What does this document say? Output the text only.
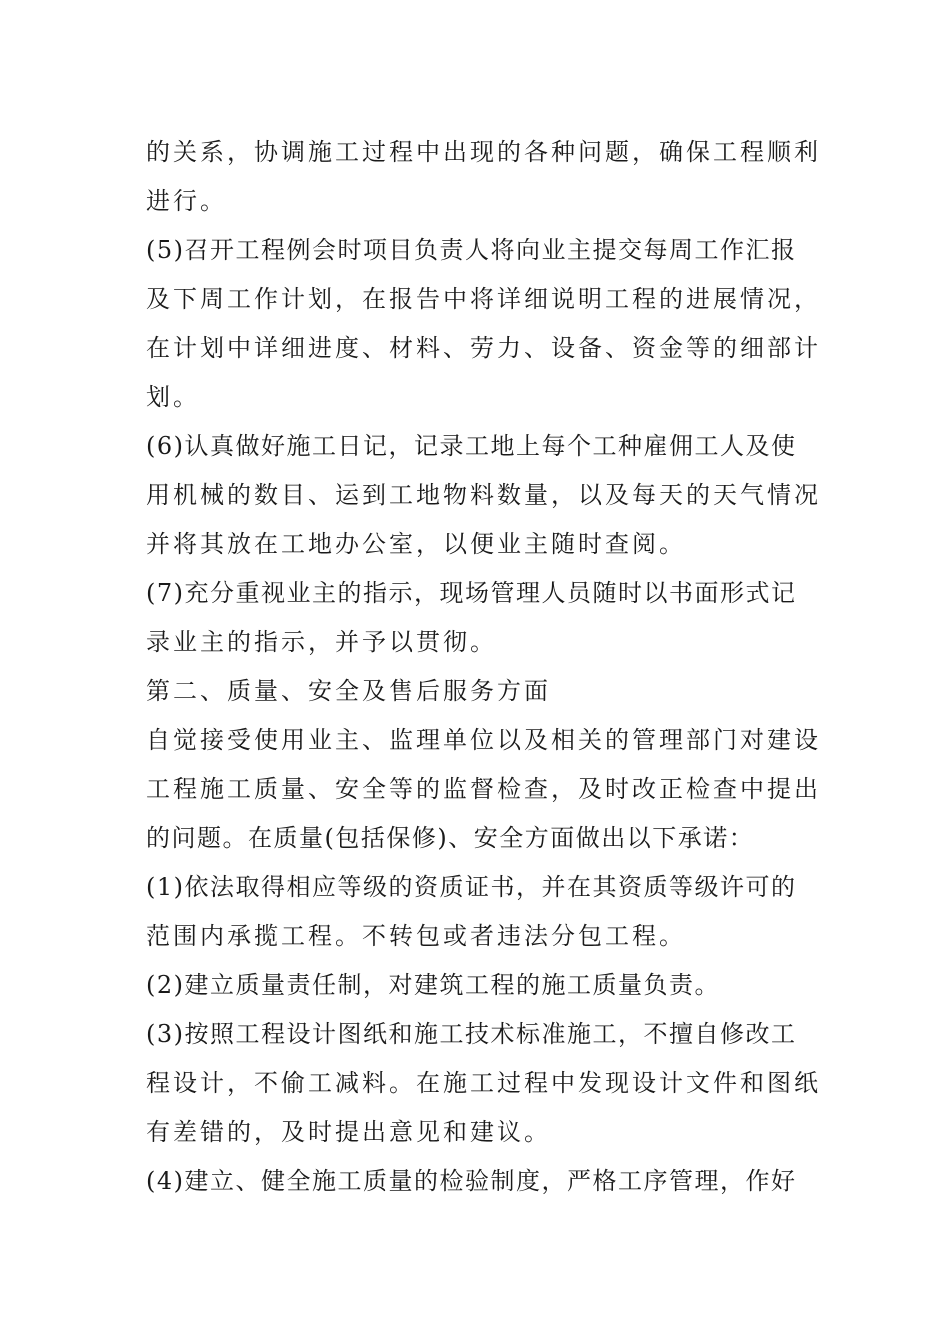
的关系，协调施工过程中出现的各种问题，确保工程顺利
进行。
(5)召开工程例会时项目负责人将向业主提交每周工作汇报
及下周工作计划，在报告中将详细说明工程的进展情况，
在计划中详细进度、材料、劳力、设备、资金等的细部计
划。
(6)认真做好施工日记，记录工地上每个工种雇佣工人及使
用机械的数目、运到工地物料数量，以及每天的天气情况
并将其放在工地办公室，以便业主随时查阅。
(7)充分重视业主的指示，现场管理人员随时以书面形式记
录业主的指示，并予以贯彻。
第二、质量、安全及售后服务方面
自觉接受使用业主、监理单位以及相关的管理部门对建设
工程施工质量、安全等的监督检查，及时改正检查中提出
的问题。在质量(包括保修)、安全方面做出以下承诺：
(1)依法取得相应等级的资质证书，并在其资质等级许可的
范围内承揽工程。不转包或者违法分包工程。
(2)建立质量责任制，对建筑工程的施工质量负责。
(3)按照工程设计图纸和施工技术标准施工，不擅自修改工
程设计，不偷工减料。在施工过程中发现设计文件和图纸
有差错的，及时提出意见和建议。
(4)建立、健全施工质量的检验制度，严格工序管理，作好
